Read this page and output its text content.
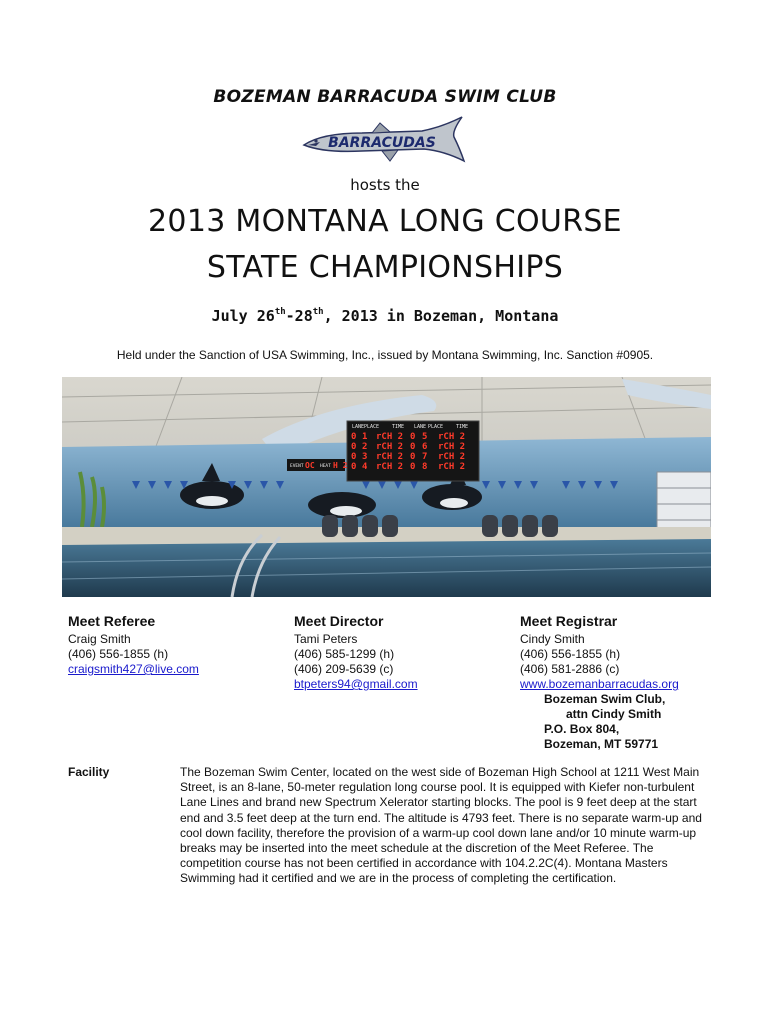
BOZEMAN BARRACUDA SWIM CLUB
BARRACUDAS
hosts the
2013 MONTANA LONG COURSE
STATE CHAMPIONSHIPS
July 26th-28th, 2013 in Bozeman, Montana
Held under the Sanction of USA Swimming, Inc., issued by Montana Swimming, Inc. Sanction #0905.
LANE PLACE	TIME LANE PLACE	TIME
0 1 rCH 2 0 5 rCH 2
0 2 rCH 2 0 6 rCH 2
0 3 rCH 2 0 7 rCH 2
0 4 rCH 2 0 8 rCH 2
EVENT	HEAT
OC H 2
Meet Referee
Craig Smith
(406) 556-1855 (h)
craigsmith427@live.com
Meet Director
Tami Peters
(406) 585-1299 (h)
(406) 209-5639 (c)
btpeters94@gmail.com
Meet Registrar
Cindy Smith
(406) 556-1855 (h)
(406) 581-2886 (c)
www.bozemanbarracudas.org
Bozeman Swim Club,
attn Cindy Smith
P.O. Box 804,
Bozeman, MT 59771
Facility	The Bozeman Swim Center, located on the west side of Bozeman High School at 1211 West Main Street, is an 8-lane, 50-meter regulation long course pool. It is equipped with Kiefer non-turbulent Lane Lines and brand new Spectrum Xelerator starting blocks. The pool is 9 feet deep at the start end and 3.5 feet deep at the turn end. The altitude is 4793 feet. There is no separate warm-up and cool down facility, therefore the provision of a warm-up cool down lane and/or 10 minute warm-up breaks may be inserted into the meet schedule at the discretion of the Meet Referee. The competition course has not been certified in accordance with 104.2.2C(4). Montana Masters Swimming had it certified and we are in the process of completing the certification.
